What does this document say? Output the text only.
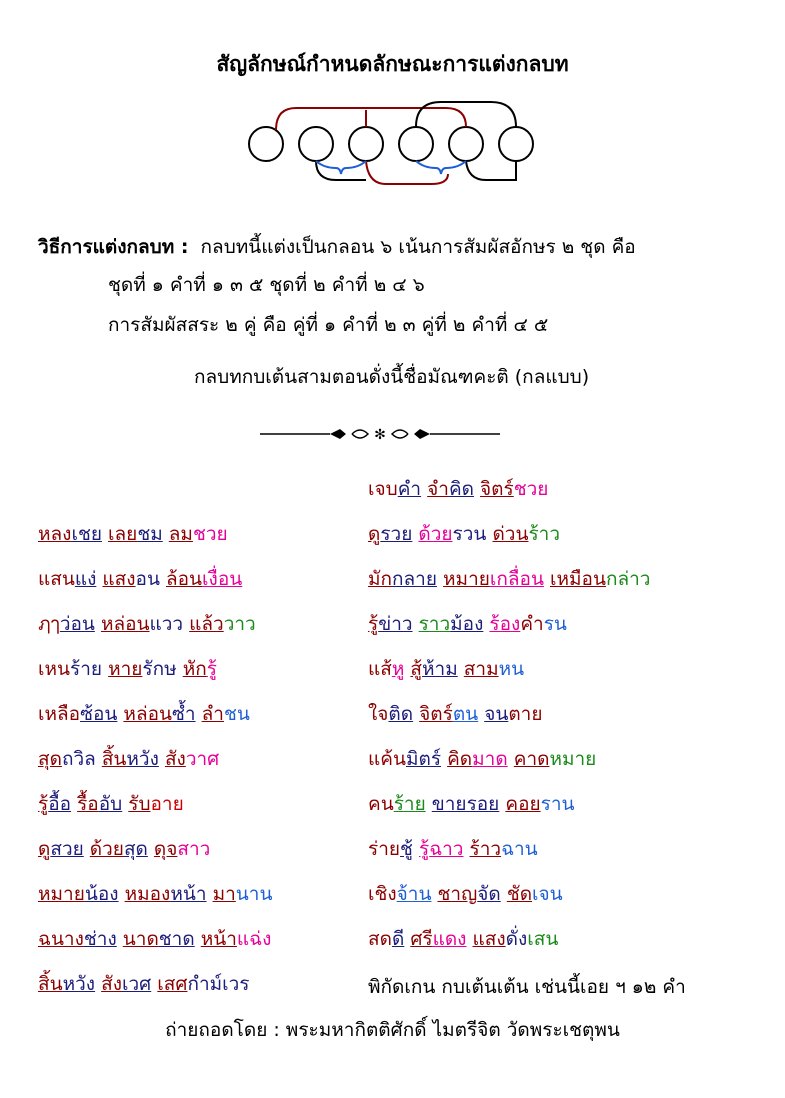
สัญลักษณ์กำหนดลักษณะการแต่งกลบท
วิธีการแต่งกลบท : กลบทนี้แต่งเป็นกลอน ๖ เน้นการสัมผัสอักษร ๒ ชุด คือ
ชุดที่ ๑ คำที่ ๑ ๓ ๕ ชุดที่ ๒ คำที่ ๒ ๔ ๖
การสัมผัสสระ ๒ คู่ คือ คู่ที่ ๑ คำที่ ๒ ๓ คู่ที่ ๒ คำที่ ๔ ๕
กลบทกบเต้นสามตอนดั่งนี้ชื่อมัณฑคะติ (กลแบบ)
✻
หลงเชย เลยชม ลมชวย
แสนแง่ แสงอน ล้อนเงื่อน
ฦๅว่อน หล่อนแวว แล้ววาว
เหนร้าย หายรักษ หักรู้
เหลือซ้อน หล่อนซ้ำ ลำชน
สุดถวิล สิ้นหวัง สังวาศ
รู้อื้อ รื้ออับ รับอาย
ดูสวย ด้วยสุด ดุจสาว
หมายน้อง หมองหน้า มานาน
ฉนางช่าง นาดชาด หน้าแฉ่ง
สิ้นหวัง สังเวศ เสศกำม์เวร
เจบคำ จำคิด จิตร์ชวย
ดูรวย ด้วยรวน ด่วนร้าว
มักกลาย หมายเกลื่อน เหมือนกล่าว
รู้ข่าว ราวม้อง ร้องคำรน
แส้หู สู้ห้าม สามหน
ใจติด จิตร์ตน จนตาย
แค้นมิตร์ คิดมาด คาดหมาย
คนร้าย ขายรอย คอยราน
ร่ายชู้ รู้ฉาว ร้าวฉาน
เชิงจ้าน ชาญจัด ชัดเจน
สดดี ศรีแดง แสงดั่งเสน
พิกัดเกน กบเต้นเต้น เช่นนี้เอย ฯ ๑๒ คำ
ถ่ายถอดโดย : พระมหากิตติศักดิ์ ไมตรีจิต วัดพระเชตุพน
